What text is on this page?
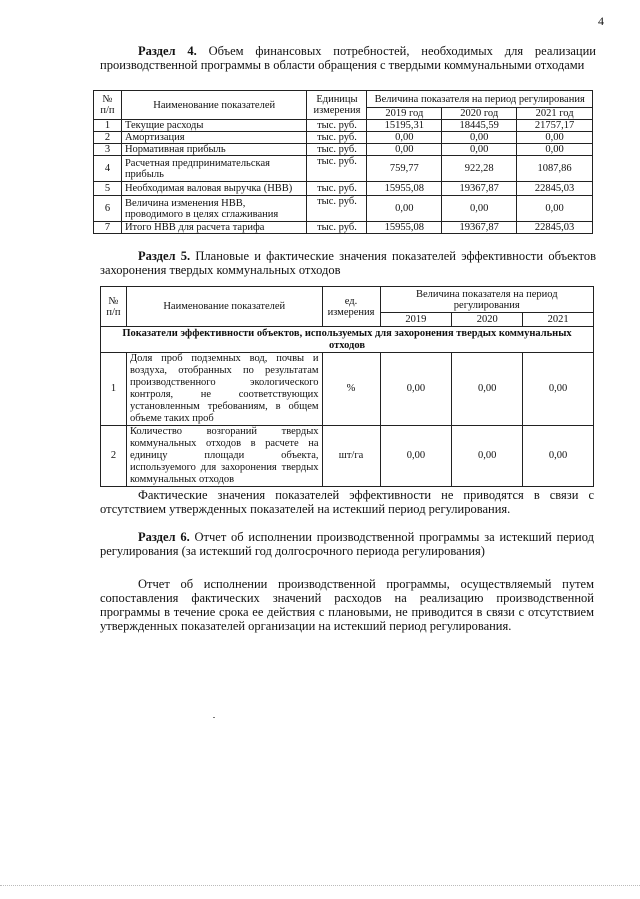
4

Раздел 4. Объем финансовых потребностей, необходимых для реализации производственной программы в области обращения с твердыми коммунальными отходами

№ п/п	Наименование показателей	Единицы измерения	Величина показателя на период регулирования		
			2019 год	2020 год	2021 год
1	Текущие расходы	тыс. руб.	15195,31	18445,59	21757,17
2	Амортизация	тыс. руб.	0,00	0,00	0,00
3	Нормативная прибыль	тыс. руб.	0,00	0,00	0,00
4	Расчетная предпринимательская прибыль	тыс. руб.	759,77	922,28	1087,86
5	Необходимая валовая выручка (НВВ)	тыс. руб.	15955,08	19367,87	22845,03
6	Величина изменения НВВ, проводимого в целях сглаживания	тыс. руб.	0,00	0,00	0,00
7	Итого НВВ для расчета тарифа	тыс. руб.	15955,08	19367,87	22845,03

Раздел 5. Плановые и фактические значения показателей эффективности объектов захоронения твердых коммунальных отходов

№ п/п	Наименование показателей	ед. измерения	Величина показателя на период регулирования		
			2019	2020	2021
Показатели эффективности объектов, используемых для захоронения твердых коммунальных отходов					
1	Доля проб подземных вод, почвы и воздуха, отобранных по результатам производственного экологического контроля, не соответствующих установленным требованиям, в общем объеме таких проб	%	0,00	0,00	0,00
2	Количество возгораний твердых коммунальных отходов в расчете на единицу площади объекта, используемого для захоронения твердых коммунальных отходов	шт/га	0,00	0,00	0,00

Фактические значения показателей эффективности не приводятся в связи с отсутствием утвержденных показателей на истекший период регулирования.

Раздел 6. Отчет об исполнении производственной программы за истекший период регулирования (за истекший год долгосрочного периода регулирования)

Отчет об исполнении производственной программы, осуществляемый путем сопоставления фактических значений расходов на реализацию производственной программы в течение срока ее действия с плановыми, не приводится в связи с отсутствием утвержденных показателей организации на истекший период регулирования.
